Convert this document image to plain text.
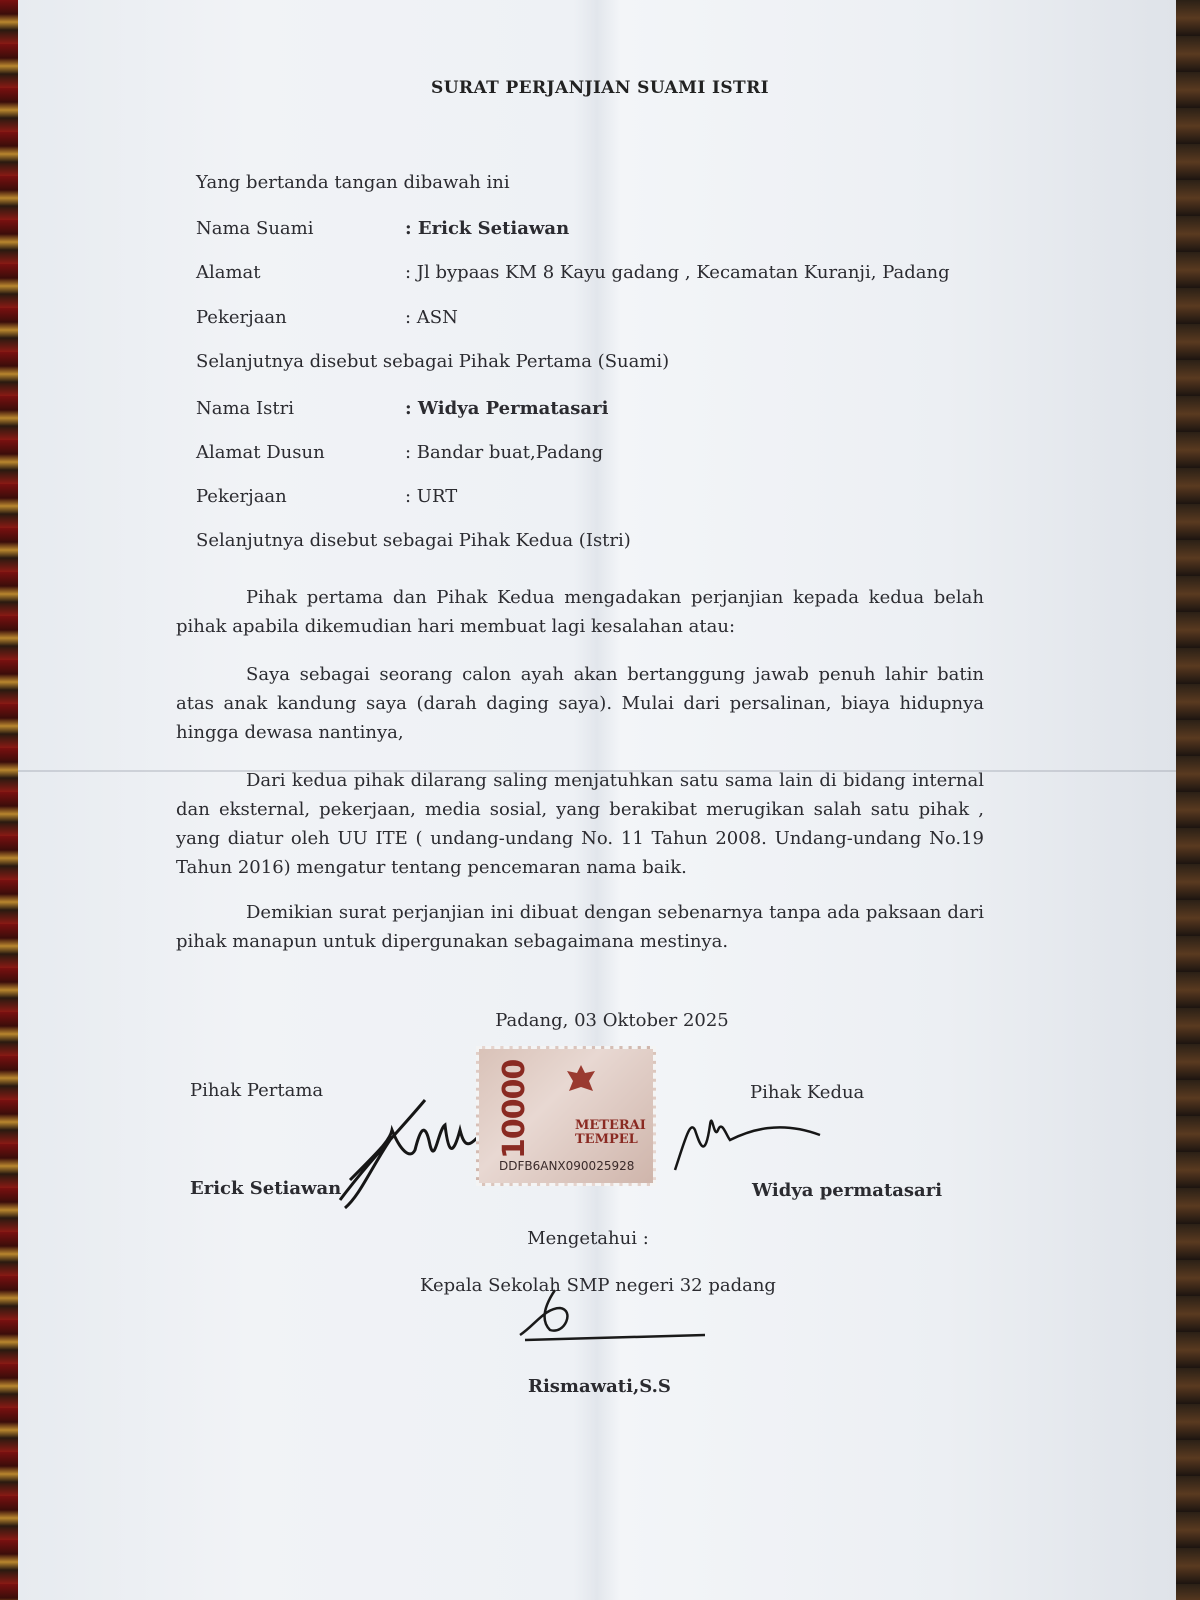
SURAT PERJANJIAN SUAMI ISTRI
Yang bertanda tangan dibawah ini
Nama Suami	: Erick Setiawan
Alamat	: Jl bypaas KM 8 Kayu gadang , Kecamatan Kuranji, Padang
Pekerjaan	: ASN
Selanjutnya disebut sebagai Pihak Pertama (Suami)
Nama Istri	: Widya Permatasari
Alamat Dusun	: Bandar buat,Padang
Pekerjaan	: URT
Selanjutnya disebut sebagai Pihak Kedua (Istri)
Pihak pertama dan Pihak Kedua mengadakan perjanjian kepada kedua belah pihak apabila dikemudian hari membuat lagi kesalahan atau:
Saya sebagai seorang calon ayah akan bertanggung jawab penuh lahir batin atas anak kandung saya (darah daging saya). Mulai dari persalinan, biaya hidupnya hingga dewasa nantinya,
Dari kedua pihak dilarang saling menjatuhkan satu sama lain di bidang internal dan eksternal, pekerjaan, media sosial, yang berakibat merugikan salah satu pihak , yang diatur oleh UU ITE ( undang-undang No. 11 Tahun 2008. Undang-undang No.19 Tahun 2016) mengatur tentang pencemaran nama baik.
Demikian surat perjanjian ini dibuat dengan sebenarnya tanpa ada paksaan dari pihak manapun untuk dipergunakan sebagaimana mestinya.
Padang, 03 Oktober 2025
Pihak Pertama	Pihak Kedua
Erick Setiawan	Widya permatasari
10000	METERAI
TEMPEL
DDFB6ANX090025928
Mengetahui :
Kepala Sekolah SMP negeri 32 padang
Rismawati,S.S
